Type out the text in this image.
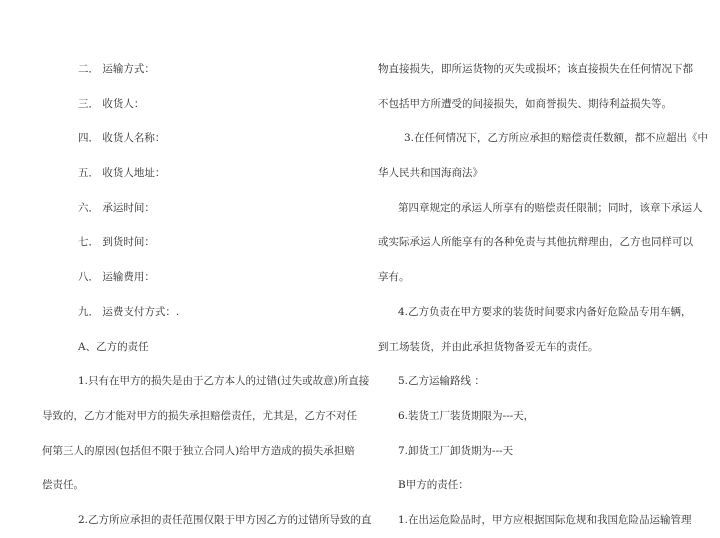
二． 运输方式：
三． 收货人：
四． 收货人名称：
五． 收货人地址：
六． 承运时间：
七． 到货时间：
八． 运输费用：
九． 运费支付方式：.
A、乙方的责任
1.只有在甲方的损失是由于乙方本人的过错(过失或故意)所直接
导致的，乙方才能对甲方的损失承担赔偿责任，尤其是，乙方不对任
何第三人的原因(包括但不限于独立合同人)给甲方造成的损失承担赔
偿责任。
2.乙方所应承担的责任范围仅限于甲方因乙方的过错所导致的直
物直接损失，即所运货物的灭失或损坏；该直接损失在任何情况下都
不包括甲方所遭受的间接损失，如商誉损失、期待利益损失等。
3.在任何情况下，乙方所应承担的赔偿责任数额，都不应超出《中
华人民共和国海商法》
第四章规定的承运人所享有的赔偿责任限制；同时，该章下承运人
或实际承运人所能享有的各种免责与其他抗辩理由，乙方也同样可以
享有。
4.乙方负责在甲方要求的装货时间要求内备好危险品专用车辆，
到工场装货，并由此承担货物备妥无车的责任。
5.乙方运输路线 ：
6.装货工厂装货期限为---天，
7.卸货工厂卸货期为---天
B甲方的责任：
1.在出运危险品时，甲方应根据国际危规和我国危险品运输管理
